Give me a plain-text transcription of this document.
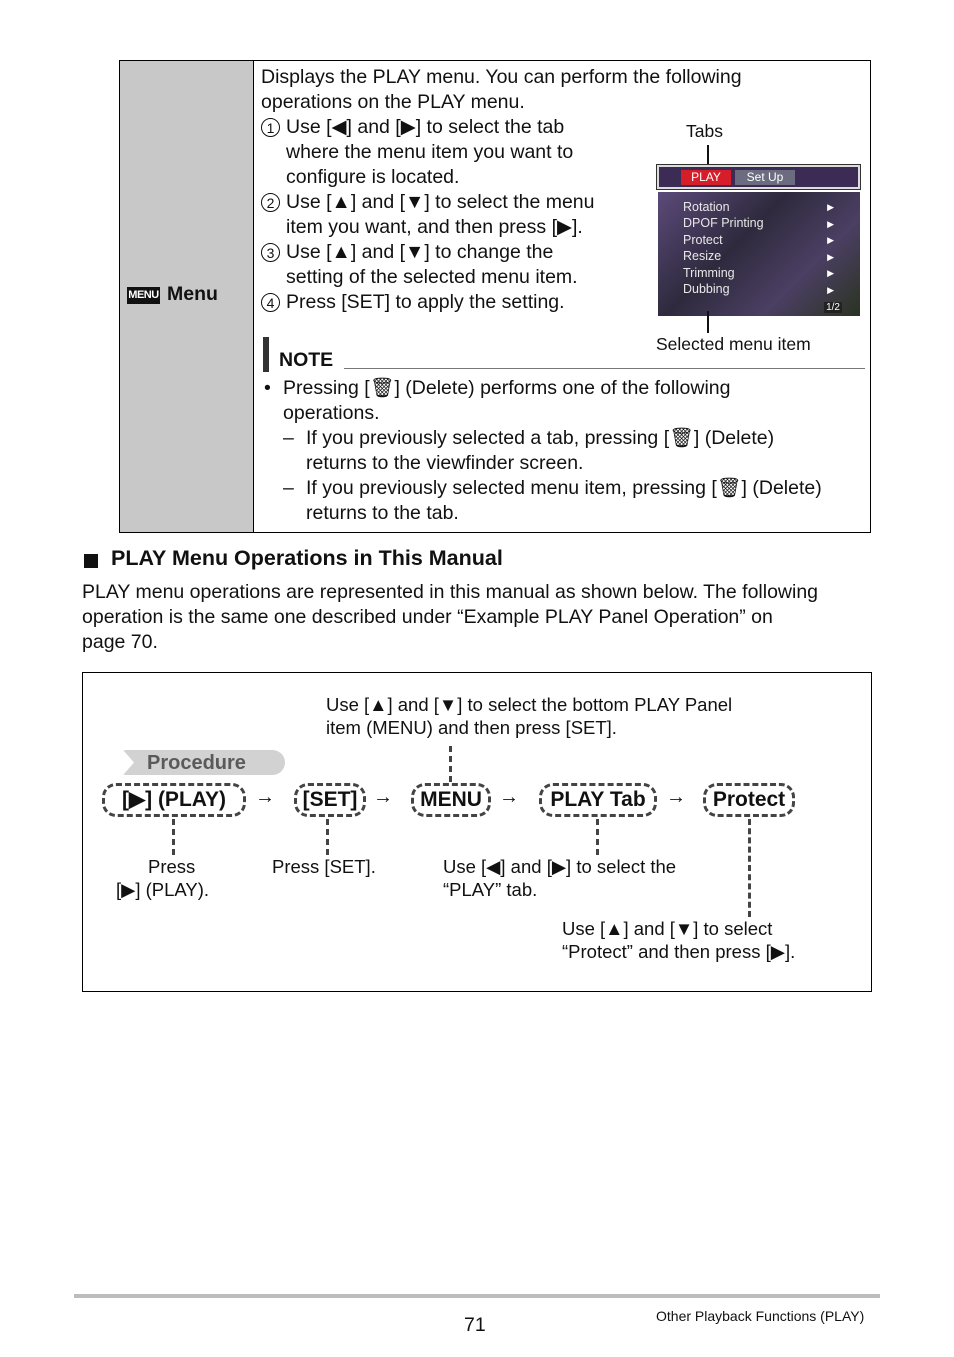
MENU Menu
Displays the PLAY menu. You can perform the following
operations on the PLAY menu.
1 Use [◀] and [▶] to select the tab
where the menu item you want to
configure is located.
2 Use [▲] and [▼] to select the menu
item you want, and then press [▶].
3 Use [▲] and [▼] to change the
setting of the selected menu item.
4 Press [SET] to apply the setting.
Tabs
PLAY	Set Up
Rotation
DPOF Printing
Protect
Resize
Trimming
Dubbing
▶
▶
▶
▶
▶
▶
1/2
Selected menu item
NOTE
• Pressing [🗑] (Delete) performs one of the following
operations.
– If you previously selected a tab, pressing [🗑] (Delete)
returns to the viewfinder screen.
– If you previously selected menu item, pressing [🗑] (Delete)
returns to the tab.
PLAY Menu Operations in This Manual
PLAY menu operations are represented in this manual as shown below. The following
operation is the same one described under “Example PLAY Panel Operation” on
page 70.
Use [▲] and [▼] to select the bottom PLAY Panel
item (MENU) and then press [SET].
Procedure
[▶] (PLAY)	→	[SET] →	MENU →	PLAY Tab	→	Protect
Press
[▶] (PLAY).
Press [SET].	Use [◀] and [▶] to select the
“PLAY” tab.
Use [▲] and [▼] to select
“Protect” and then press [▶].
71	Other Playback Functions (PLAY)
